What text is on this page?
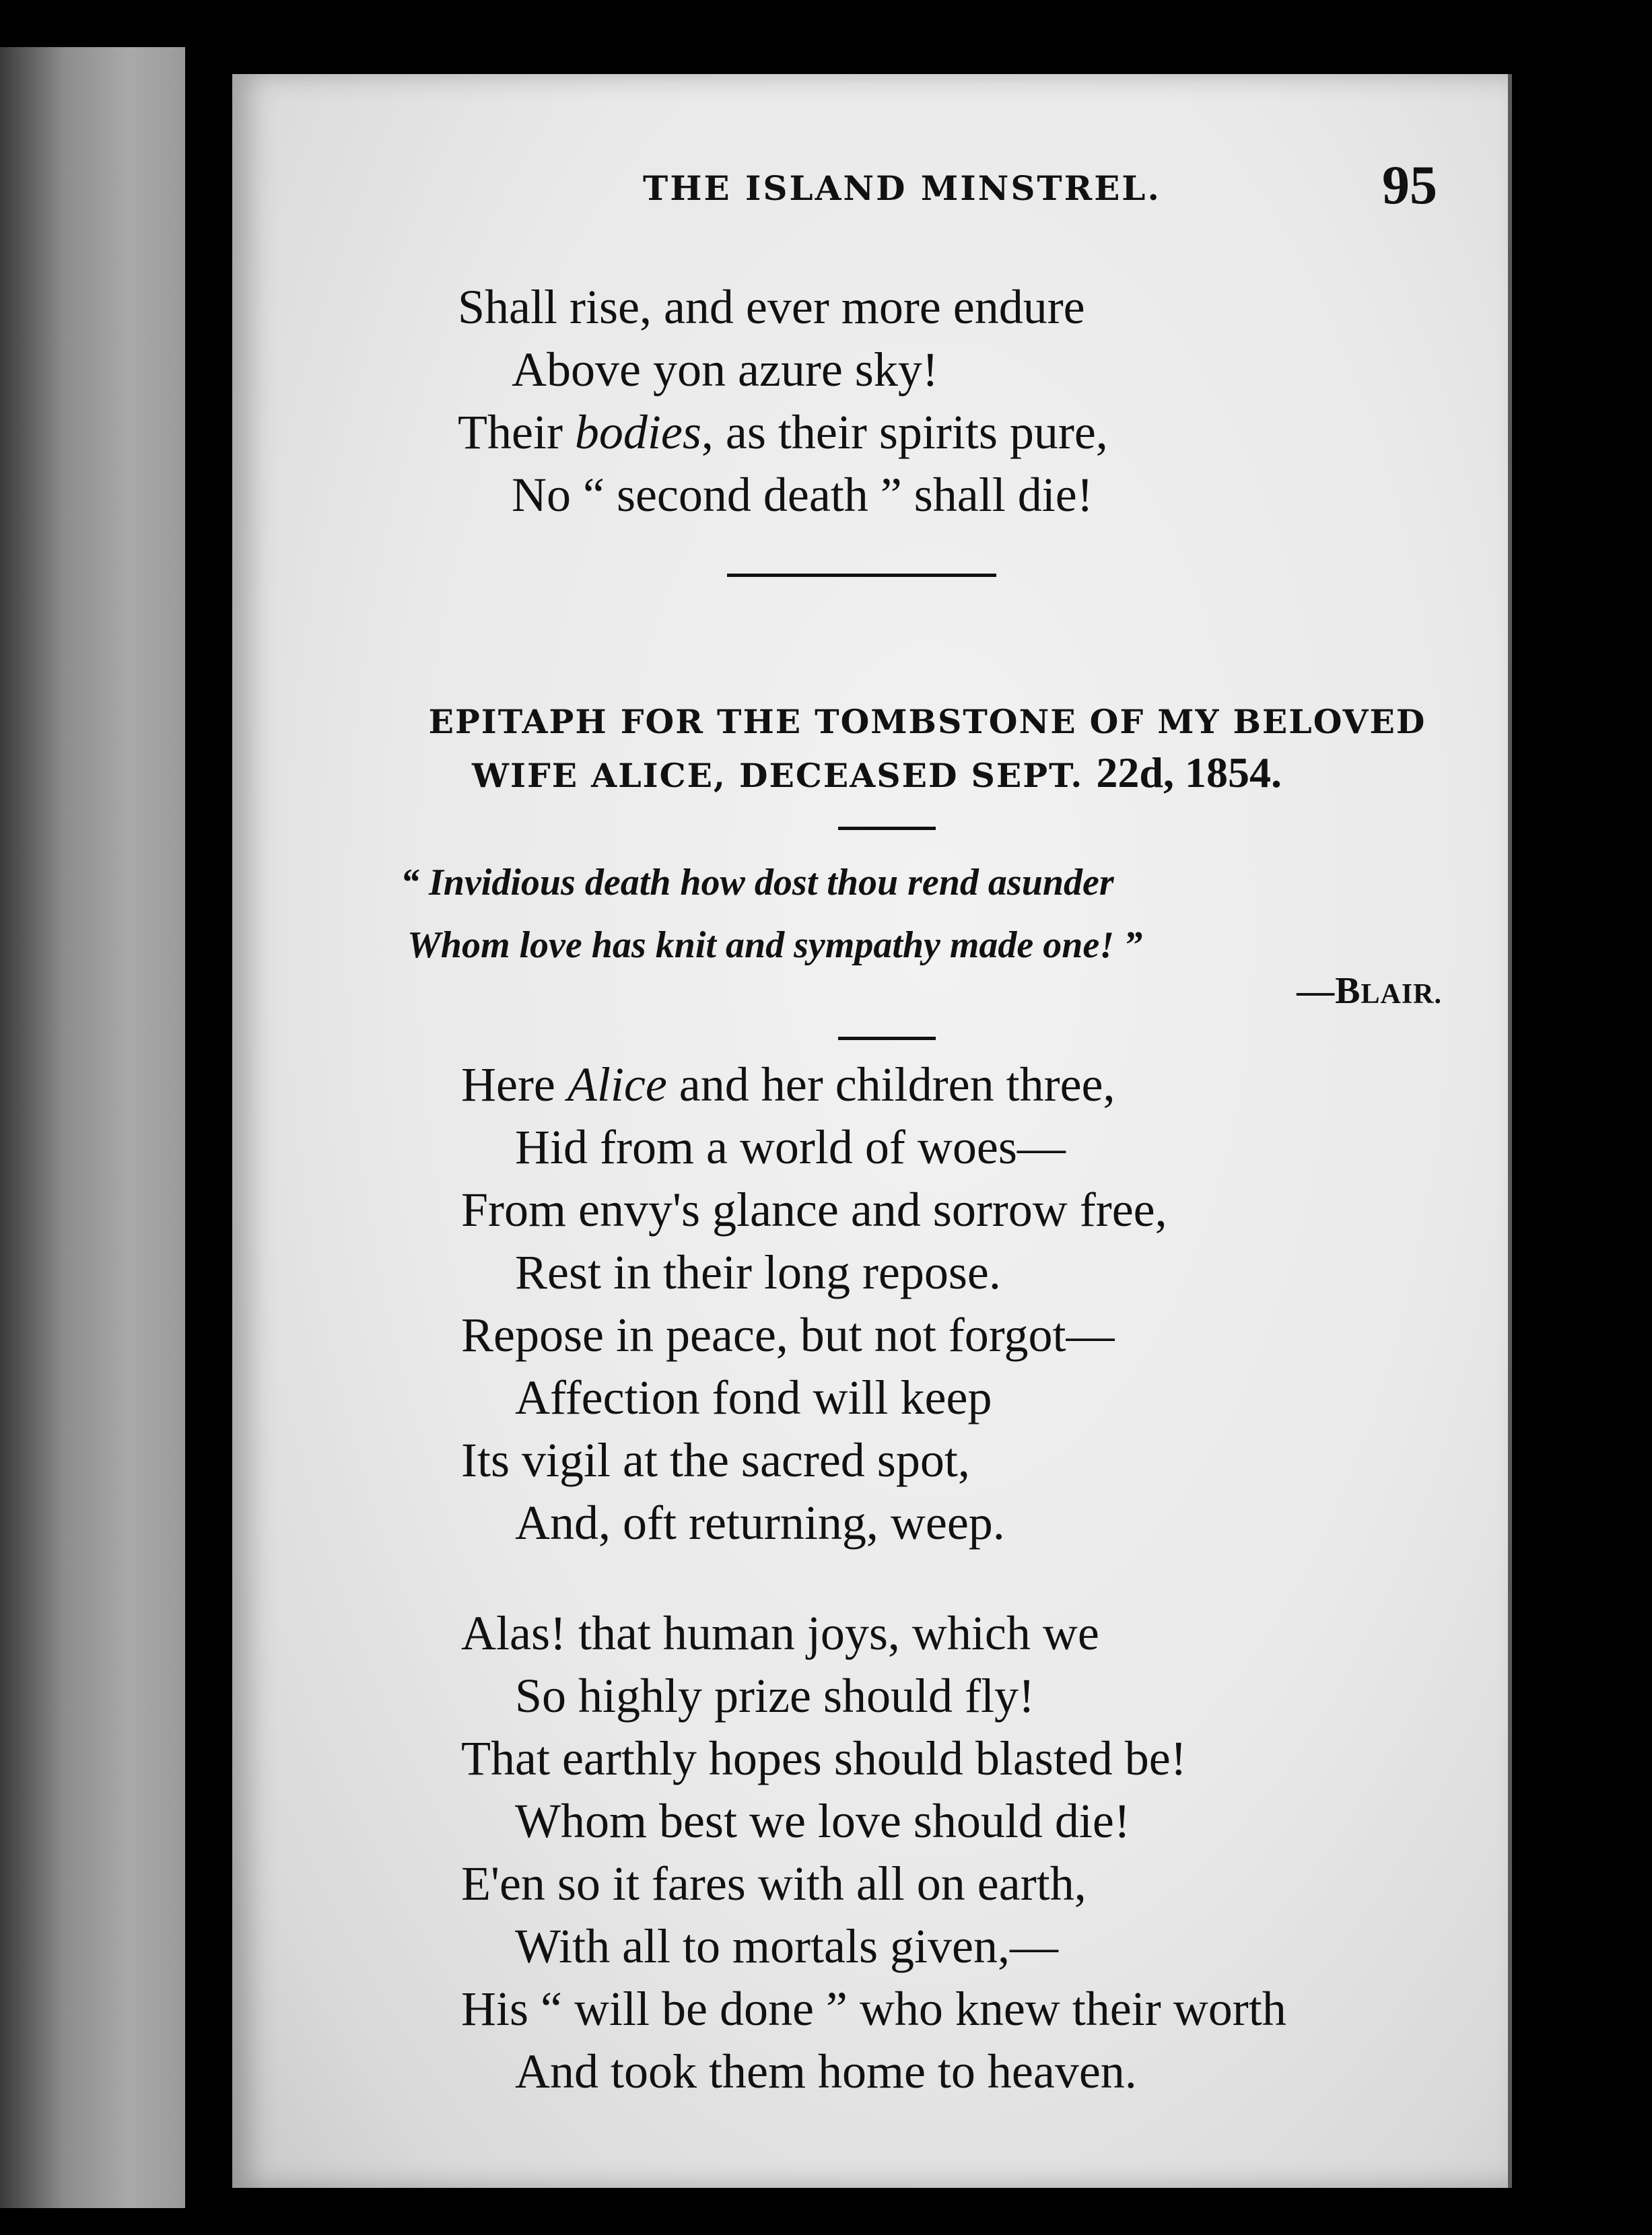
THE ISLAND MINSTREL.	95
Shall rise, and ever more endure
Above yon azure sky!
Their bodies, as their spirits pure,
No “ second death ” shall die!
EPITAPH FOR THE TOMBSTONE OF MY BELOVED
WIFE ALICE, DECEASED SEPT. 22d, 1854.
“ Invidious death how dost thou rend asunder
Whom love has knit and sympathy made one! ”
—BLAIR.
Here Alice and her children three,
Hid from a world of woes—
From envy's glance and sorrow free,
Rest in their long repose.
Repose in peace, but not forgot—
Affection fond will keep
Its vigil at the sacred spot,
And, oft returning, weep.
Alas! that human joys, which we
So highly prize should fly!
That earthly hopes should blasted be!
Whom best we love should die!
E'en so it fares with all on earth,
With all to mortals given,—
His “ will be done ” who knew their worth
And took them home to heaven.
